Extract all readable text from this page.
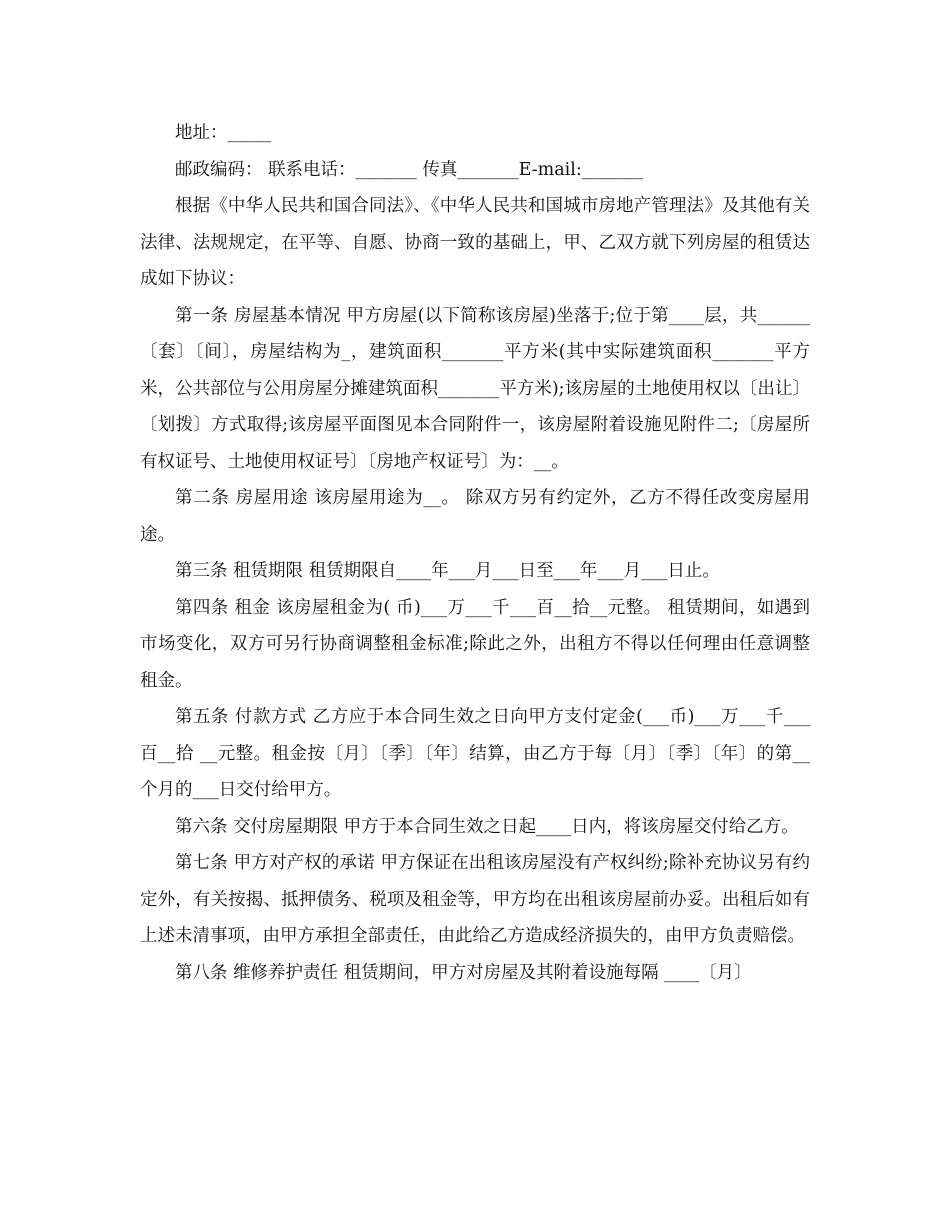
地址：_____

邮政编码： 联系电话：_______ 传真_______E-mail:_______

根据《中华人民共和国合同法》、《中华人民共和国城市房地产管理法》及其他有关法律、法规规定，在平等、自愿、协商一致的基础上，甲、乙双方就下列房屋的租赁达成如下协议：

第一条 房屋基本情况 甲方房屋(以下简称该房屋)坐落于;位于第____层，共______ 〔套〕〔间〕，房屋结构为_，建筑面积_______平方米(其中实际建筑面积_______平方米，公共部位与公用房屋分摊建筑面积_______平方米);该房屋的土地使用权以〔出让〕〔划拨〕方式取得;该房屋平面图见本合同附件一，该房屋附着设施见附件二;〔房屋所有权证号、土地使用权证号〕〔房地产权证号〕为：__。

第二条 房屋用途 该房屋用途为__。 除双方另有约定外，乙方不得任改变房屋用途。

第三条 租赁期限 租赁期限自____年___月___日至___年___月___日止。

第四条 租金 该房屋租金为( 币)___万___千___百__拾__元整。 租赁期间，如遇到市场变化，双方可另行协商调整租金标准;除此之外，出租方不得以任何理由任意调整租金。

第五条 付款方式 乙方应于本合同生效之日向甲方支付定金(___币)___万___千___百__拾 __元整。租金按〔月〕〔季〕〔年〕结算，由乙方于每〔月〕〔季〕〔年〕的第__个月的___日交付给甲方。

第六条 交付房屋期限 甲方于本合同生效之日起____日内，将该房屋交付给乙方。

第七条 甲方对产权的承诺 甲方保证在出租该房屋没有产权纠纷;除补充协议另有约定外，有关按揭、抵押债务、税项及租金等，甲方均在出租该房屋前办妥。出租后如有上述未清事项，由甲方承担全部责任，由此给乙方造成经济损失的，由甲方负责赔偿。

第八条 维修养护责任 租赁期间，甲方对房屋及其附着设施每隔 ____〔月〕
